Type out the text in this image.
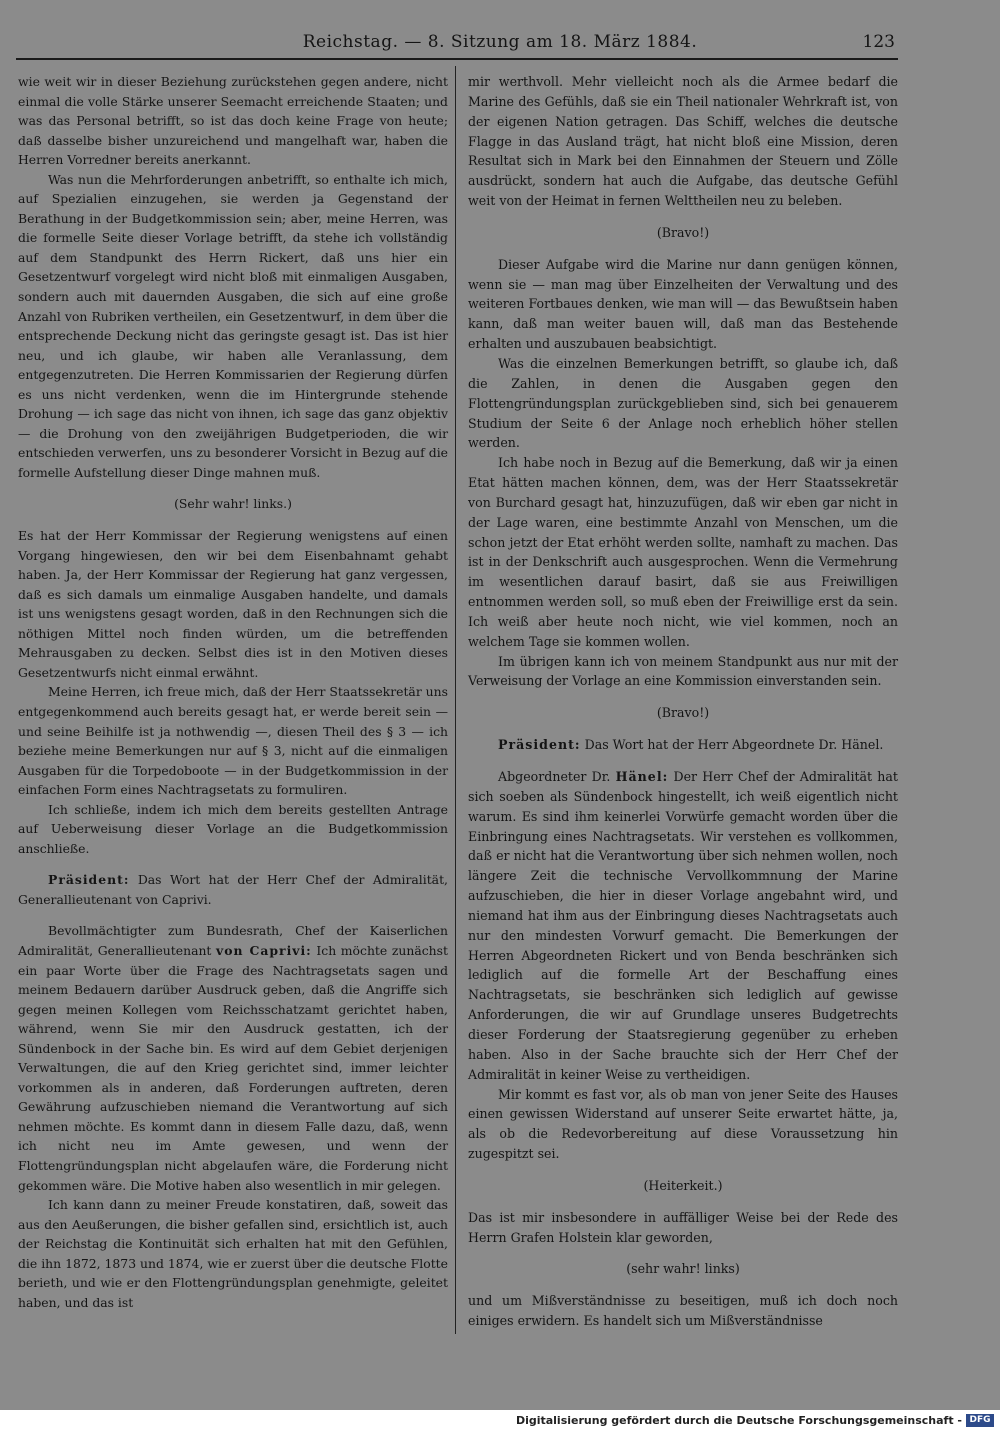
Reichstag. — 8. Sitzung am 18. März 1884.	123

wie weit wir in dieser Beziehung zurückstehen gegen andere, nicht einmal die volle Stärke unserer Seemacht erreichende Staaten; und was das Personal betrifft, so ist das doch keine Frage von heute; daß dasselbe bisher unzureichend und mangelhaft war, haben die Herren Vorredner bereits anerkannt.

Was nun die Mehrforderungen anbetrifft, so enthalte ich mich, auf Spezialien einzugehen, sie werden ja Gegenstand der Berathung in der Budgetkommission sein; aber, meine Herren, was die formelle Seite dieser Vorlage betrifft, da stehe ich vollständig auf dem Standpunkt des Herrn Rickert, daß uns hier ein Gesetzentwurf vorgelegt wird nicht bloß mit einmaligen Ausgaben, sondern auch mit dauernden Ausgaben, die sich auf eine große Anzahl von Rubriken vertheilen, ein Gesetzentwurf, in dem über die entsprechende Deckung nicht das geringste gesagt ist. Das ist hier neu, und ich glaube, wir haben alle Veranlassung, dem entgegenzutreten. Die Herren Kommissarien der Regierung dürfen es uns nicht verdenken, wenn die im Hintergrunde stehende Drohung — ich sage das nicht von ihnen, ich sage das ganz objektiv — die Drohung von den zweijährigen Budgetperioden, die wir entschieden verwerfen, uns zu besonderer Vorsicht in Bezug auf die formelle Aufstellung dieser Dinge mahnen muß.

(Sehr wahr! links.)

Es hat der Herr Kommissar der Regierung wenigstens auf einen Vorgang hingewiesen, den wir bei dem Eisenbahnamt gehabt haben. Ja, der Herr Kommissar der Regierung hat ganz vergessen, daß es sich damals um einmalige Ausgaben handelte, und damals ist uns wenigstens gesagt worden, daß in den Rechnungen sich die nöthigen Mittel noch finden würden, um die betreffenden Mehrausgaben zu decken. Selbst dies ist in den Motiven dieses Gesetzentwurfs nicht einmal erwähnt.

Meine Herren, ich freue mich, daß der Herr Staatssekretär uns entgegenkommend auch bereits gesagt hat, er werde bereit sein — und seine Beihilfe ist ja nothwendig —, diesen Theil des § 3 — ich beziehe meine Bemerkungen nur auf § 3, nicht auf die einmaligen Ausgaben für die Torpedoboote — in der Budgetkommission in der einfachen Form eines Nachtragsetats zu formuliren.

Ich schließe, indem ich mich dem bereits gestellten Antrage auf Ueberweisung dieser Vorlage an die Budgetkommission anschließe.

Präsident: Das Wort hat der Herr Chef der Admiralität, Generallieutenant von Caprivi.

Bevollmächtigter zum Bundesrath, Chef der Kaiserlichen Admiralität, Generallieutenant von Caprivi: Ich möchte zunächst ein paar Worte über die Frage des Nachtragsetats sagen und meinem Bedauern darüber Ausdruck geben, daß die Angriffe sich gegen meinen Kollegen vom Reichsschatzamt gerichtet haben, während, wenn Sie mir den Ausdruck gestatten, ich der Sündenbock in der Sache bin. Es wird auf dem Gebiet derjenigen Verwaltungen, die auf den Krieg gerichtet sind, immer leichter vorkommen als in anderen, daß Forderungen auftreten, deren Gewährung aufzuschieben niemand die Verantwortung auf sich nehmen möchte. Es kommt dann in diesem Falle dazu, daß, wenn ich nicht neu im Amte gewesen, und wenn der Flottengründungsplan nicht abgelaufen wäre, die Forderung nicht gekommen wäre. Die Motive haben also wesentlich in mir gelegen.

Ich kann dann zu meiner Freude konstatiren, daß, soweit das aus den Aeußerungen, die bisher gefallen sind, ersichtlich ist, auch der Reichstag die Kontinuität sich erhalten hat mit den Gefühlen, die ihn 1872, 1873 und 1874, wie er zuerst über die deutsche Flotte berieth, und wie er den Flottengründungsplan genehmigte, geleitet haben, und das ist

mir werthvoll. Mehr vielleicht noch als die Armee bedarf die Marine des Gefühls, daß sie ein Theil nationaler Wehrkraft ist, von der eigenen Nation getragen. Das Schiff, welches die deutsche Flagge in das Ausland trägt, hat nicht bloß eine Mission, deren Resultat sich in Mark bei den Einnahmen der Steuern und Zölle ausdrückt, sondern hat auch die Aufgabe, das deutsche Gefühl weit von der Heimat in fernen Welttheilen neu zu beleben.

(Bravo!)

Dieser Aufgabe wird die Marine nur dann genügen können, wenn sie — man mag über Einzelheiten der Verwaltung und des weiteren Fortbaues denken, wie man will — das Bewußtsein haben kann, daß man weiter bauen will, daß man das Bestehende erhalten und auszubauen beabsichtigt.

Was die einzelnen Bemerkungen betrifft, so glaube ich, daß die Zahlen, in denen die Ausgaben gegen den Flottengründungsplan zurückgeblieben sind, sich bei genauerem Studium der Seite 6 der Anlage noch erheblich höher stellen werden.

Ich habe noch in Bezug auf die Bemerkung, daß wir ja einen Etat hätten machen können, dem, was der Herr Staatssekretär von Burchard gesagt hat, hinzuzufügen, daß wir eben gar nicht in der Lage waren, eine bestimmte Anzahl von Menschen, um die schon jetzt der Etat erhöht werden sollte, namhaft zu machen. Das ist in der Denkschrift auch ausgesprochen. Wenn die Vermehrung im wesentlichen darauf basirt, daß sie aus Freiwilligen entnommen werden soll, so muß eben der Freiwillige erst da sein. Ich weiß aber heute noch nicht, wie viel kommen, noch an welchem Tage sie kommen wollen.

Im übrigen kann ich von meinem Standpunkt aus nur mit der Verweisung der Vorlage an eine Kommission einverstanden sein.

(Bravo!)

Präsident: Das Wort hat der Herr Abgeordnete Dr. Hänel.

Abgeordneter Dr. Hänel: Der Herr Chef der Admiralität hat sich soeben als Sündenbock hingestellt, ich weiß eigentlich nicht warum. Es sind ihm keinerlei Vorwürfe gemacht worden über die Einbringung eines Nachtragsetats. Wir verstehen es vollkommen, daß er nicht hat die Verantwortung über sich nehmen wollen, noch längere Zeit die technische Vervollkommnung der Marine aufzuschieben, die hier in dieser Vorlage angebahnt wird, und niemand hat ihm aus der Einbringung dieses Nachtragsetats auch nur den mindesten Vorwurf gemacht. Die Bemerkungen der Herren Abgeordneten Rickert und von Benda beschränken sich lediglich auf die formelle Art der Beschaffung eines Nachtragsetats, sie beschränken sich lediglich auf gewisse Anforderungen, die wir auf Grundlage unseres Budgetrechts dieser Forderung der Staatsregierung gegenüber zu erheben haben. Also in der Sache brauchte sich der Herr Chef der Admiralität in keiner Weise zu vertheidigen.

Mir kommt es fast vor, als ob man von jener Seite des Hauses einen gewissen Widerstand auf unserer Seite erwartet hätte, ja, als ob die Redevorbereitung auf diese Voraussetzung hin zugespitzt sei.

(Heiterkeit.)

Das ist mir insbesondere in auffälliger Weise bei der Rede des Herrn Grafen Holstein klar geworden,

(sehr wahr! links)

und um Mißverständnisse zu beseitigen, muß ich doch noch einiges erwidern. Es handelt sich um Mißverständnisse

Digitalisierung gefördert durch die Deutsche Forschungsgemeinschaft - DFG
